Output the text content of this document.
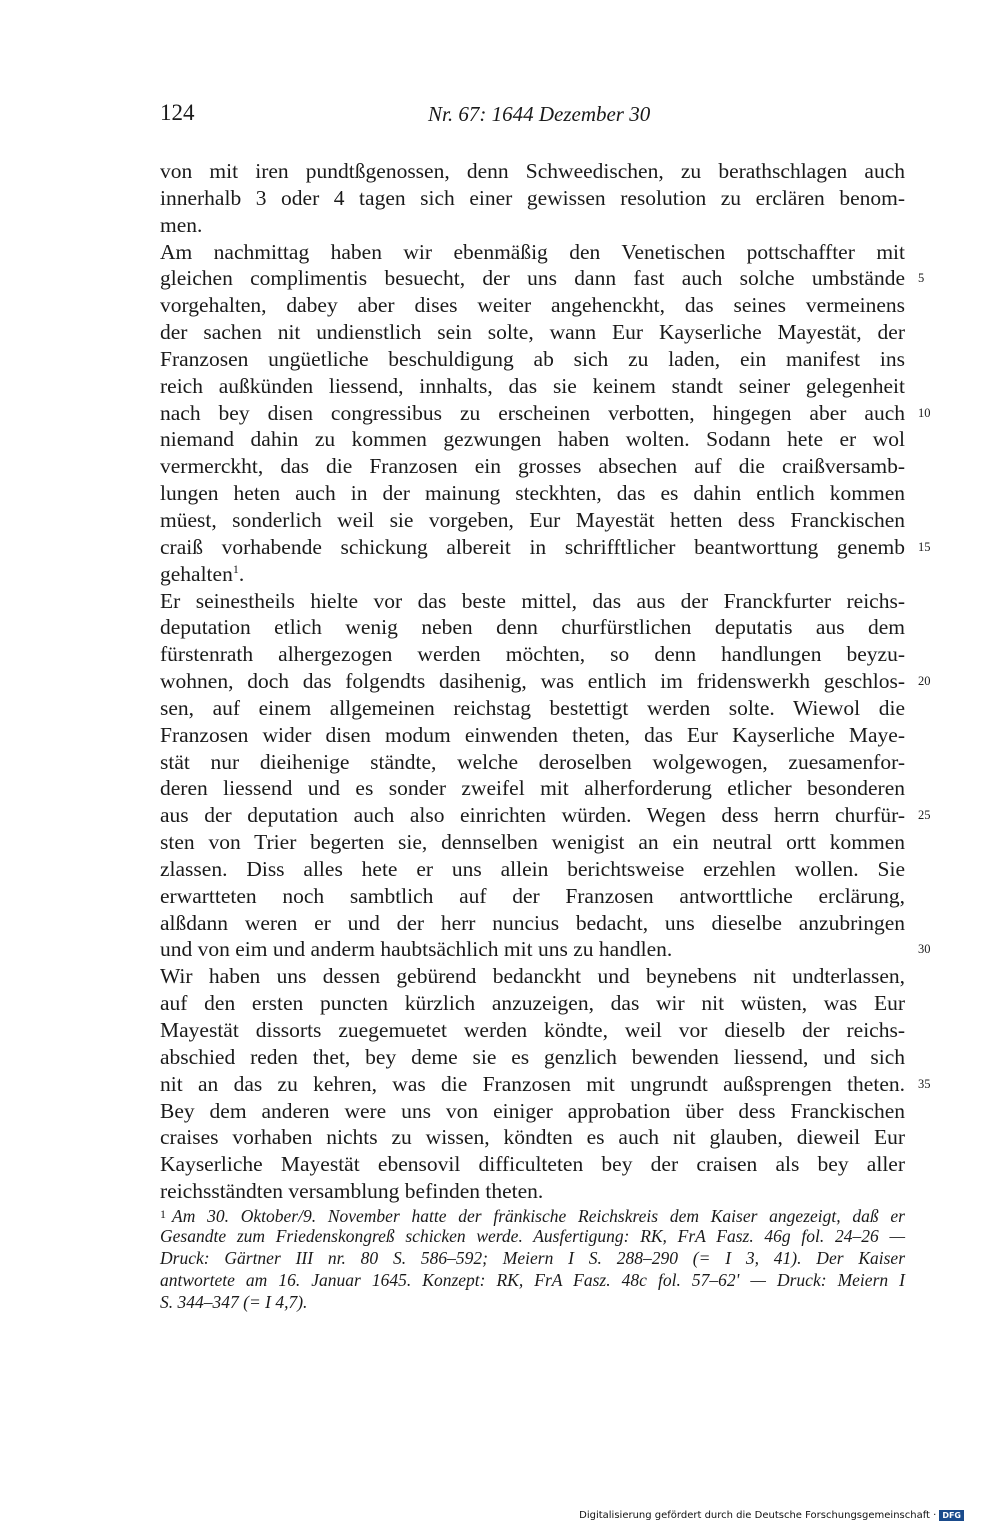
124	Nr. 67: 1644 Dezember 30
von mit iren pundtßgenossen, denn Schweedischen, zu berathschlagen auch
innerhalb 3 oder 4 tagen sich einer gewissen resolution zu erclären benom-
men.
Am nachmittag haben wir ebenmäßig den Venetischen pottschaffter mit
gleichen complimentis besuecht, der uns dann fast auch solche umbstände 5
vorgehalten, dabey aber dises weiter angehenckht, das seines vermeinens
der sachen nit undienstlich sein solte, wann Eur Kayserliche Mayestät, der
Franzosen ungüetliche beschuldigung ab sich zu laden, ein manifest ins
reich außkünden liessend, innhalts, das sie keinem standt seiner gelegenheit
nach bey disen congressibus zu erscheinen verbotten, hingegen aber auch 10
niemand dahin zu kommen gezwungen haben wolten. Sodann hete er wol
vermerckht, das die Franzosen ein grosses absechen auf die craißversamb-
lungen heten auch in der mainung steckhten, das es dahin entlich kommen
müest, sonderlich weil sie vorgeben, Eur Mayestät hetten dess Franckischen
craiß vorhabende schickung albereit in schrifftlicher beantworttung genemb 15
gehalten$^1$.
Er seinestheils hielte vor das beste mittel, das aus der Franckfurter reichs-
deputation etlich wenig neben denn churfürstlichen deputatis aus dem
fürstenrath alhergezogen werden möchten, so denn handlungen beyzu-
wohnen, doch das folgendts dasihenig, was entlich im fridenswerkh geschlos- 20
sen, auf einem allgemeinen reichstag bestettigt werden solte. Wiewol die
Franzosen wider disen modum einwenden theten, das Eur Kayserliche Maye-
stät nur dieihenige ständte, welche deroselben wolgewogen, zuesamenfor-
deren liessend und es sonder zweifel mit alherforderung etlicher besonderen
aus der deputation auch also einrichten würden. Wegen dess herrn churfür- 25
sten von Trier begerten sie, dennselben wenigist an ein neutral ortt kommen
zlassen. Diss alles hete er uns allein berichtsweise erzehlen wollen. Sie
erwartteten noch sambtlich auf der Franzosen antworttliche erclärung,
alßdann weren er und der herr nuncius bedacht, uns dieselbe anzubringen
und von eim und anderm haubtsächlich mit uns zu handlen.	30
Wir haben uns dessen gebürend bedanckht und beynebens nit undterlassen,
auf den ersten puncten kürzlich anzuzeigen, das wir nit wüsten, was Eur
Mayestät dissorts zuegemuetet werden köndte, weil vor dieselb der reichs-
abschied reden thet, bey deme sie es genzlich bewenden liessend, und sich
nit an das zu kehren, was die Franzosen mit ungrundt außsprengen theten. 35
Bey dem anderen were uns von einiger approbation über dess Franckischen
craises vorhaben nichts zu wissen, köndten es auch nit glauben, dieweil Eur
Kayserliche Mayestät ebensovil difficulteten bey der craisen als bey aller
reichsständten versamblung befinden theten.
$^1$ Am 30. Oktober/9. November hatte der fränkische Reichskreis dem Kaiser angezeigt, daß er
Gesandte zum Friedenskongreß schicken werde. Ausfertigung: RK, FrA Fasz. 46g fol. 24–26 —
Druck: Gärtner III nr. 80 S. 586–592; Meiern I S. 288–290 (= I 3, 41). Der Kaiser
antwortete am 16. Januar 1645. Konzept: RK, FrA Fasz. 48c fol. 57–62' — Druck: Meiern I
S. 344–347 (= I 4,7).
Digitalisierung gefördert durch die Deutsche Forschungsgemeinschaft · DFG
